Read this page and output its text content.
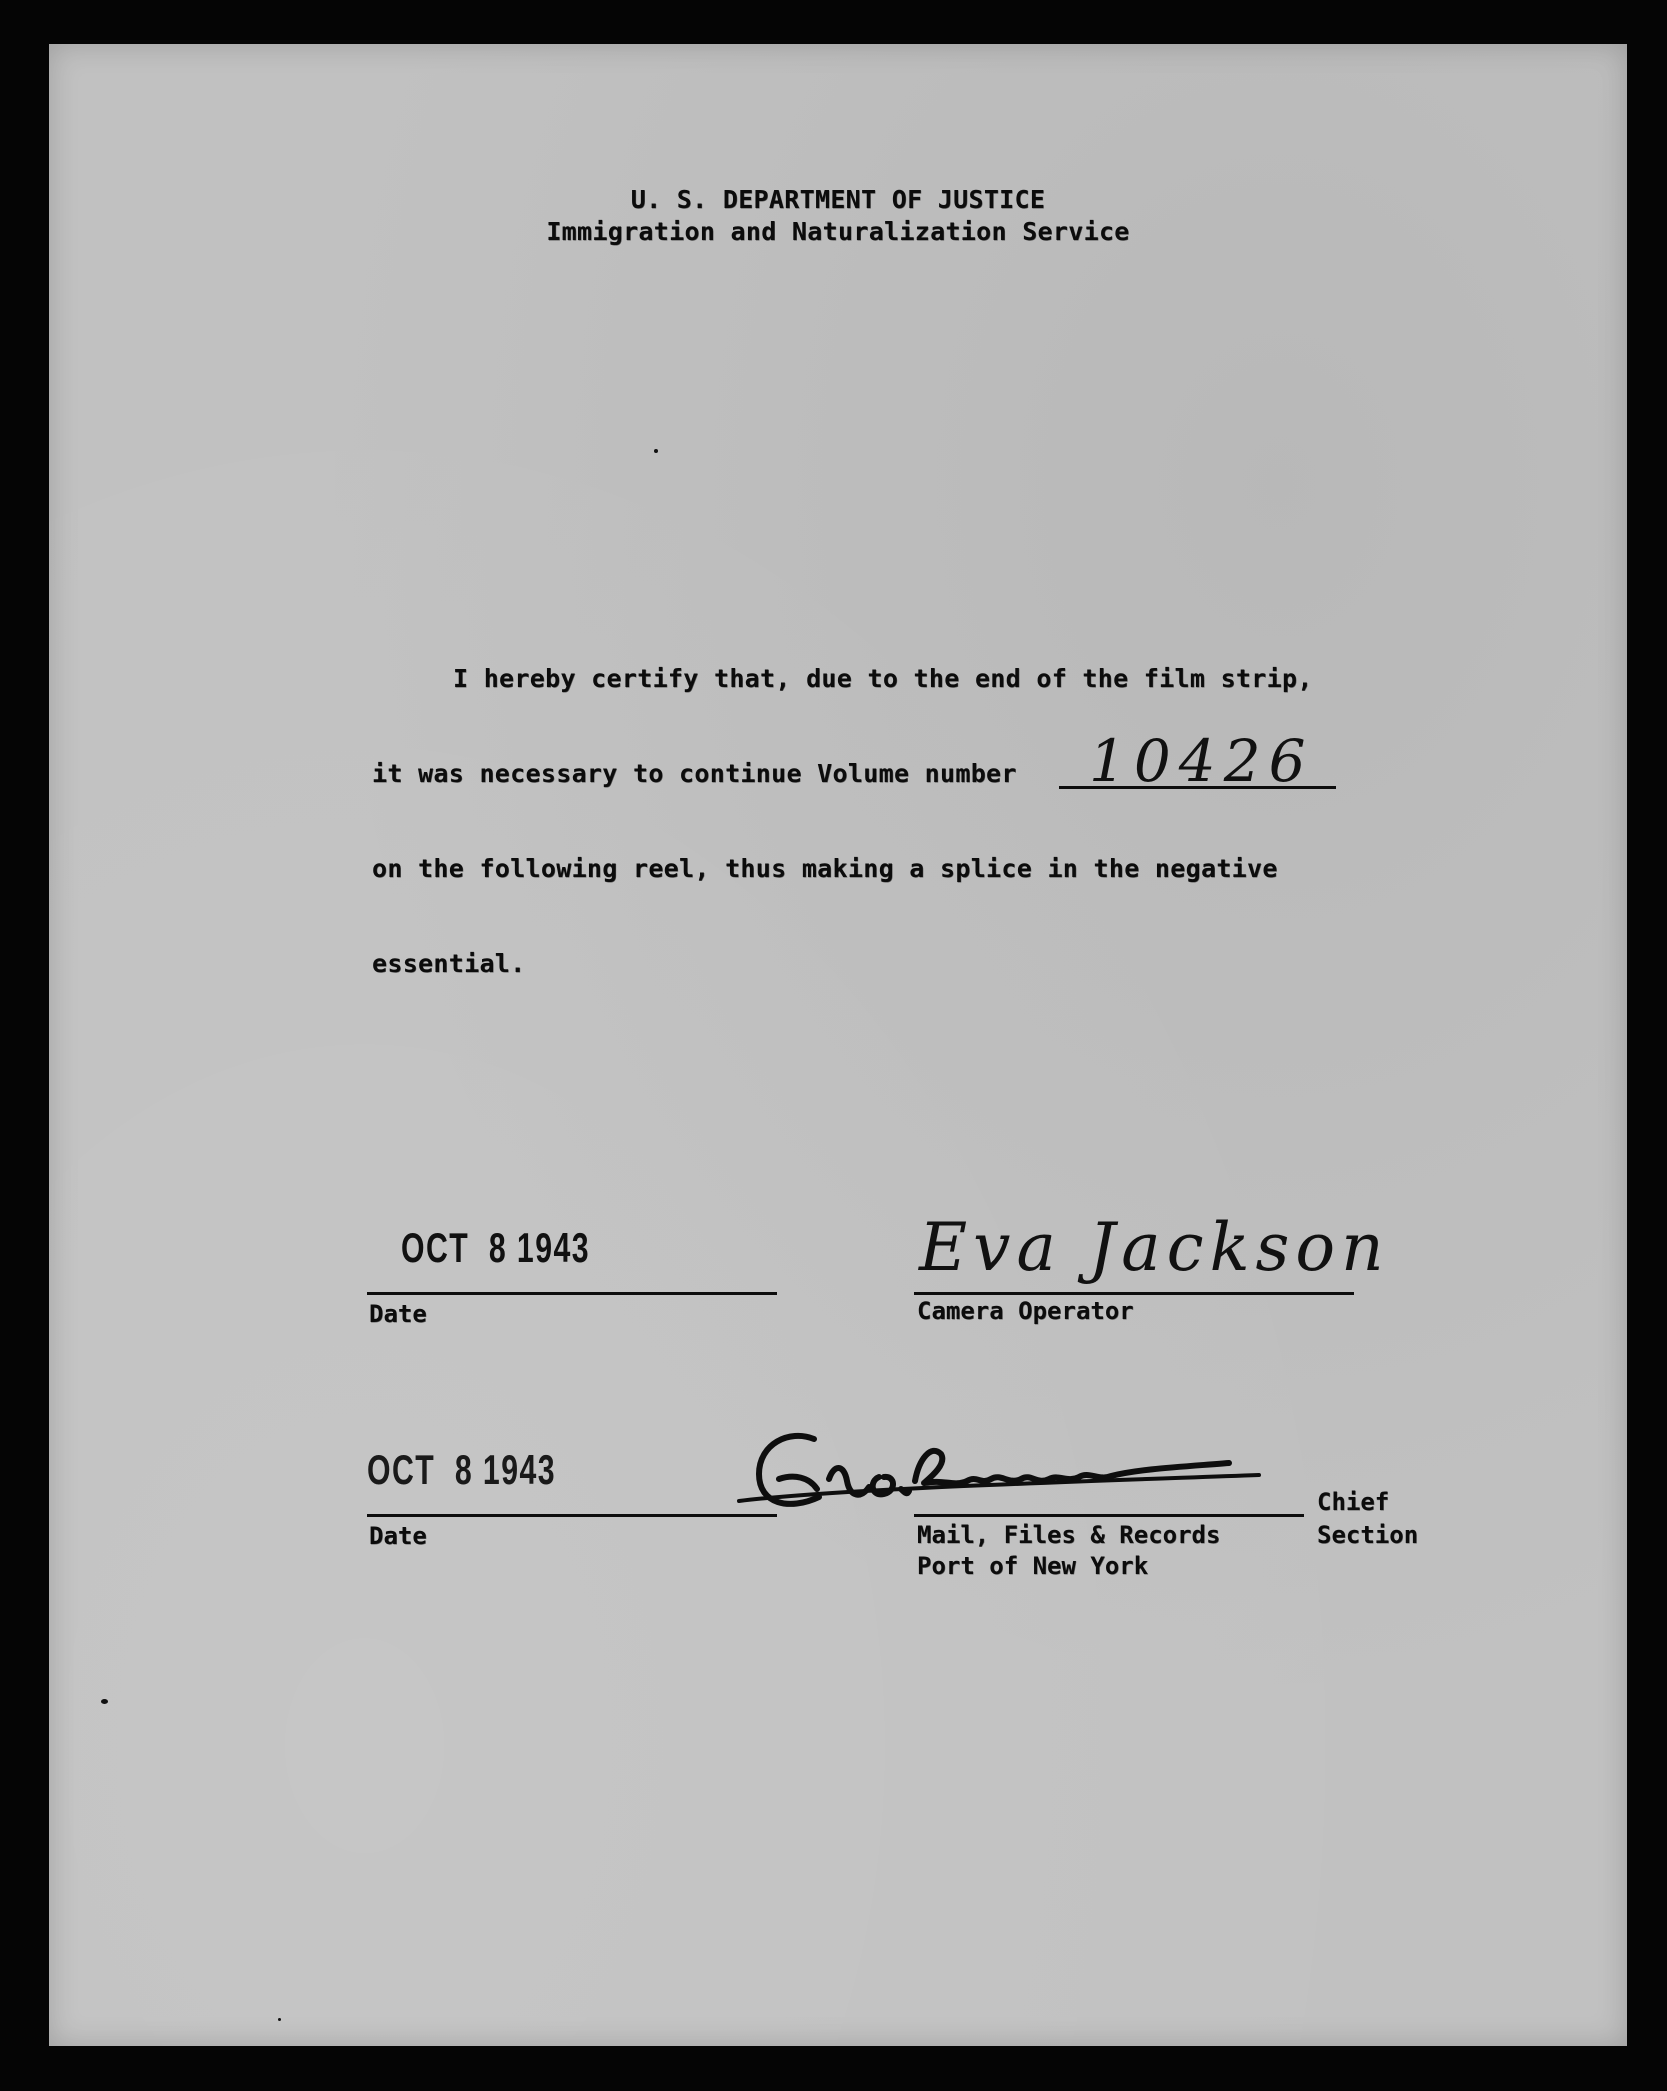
U. S. DEPARTMENT OF JUSTICE
Immigration and Naturalization Service
I hereby certify that, due to the end of the film strip,
it was necessary to continue Volume number 10426
on the following reel, thus making a splice in the negative
essential.
OCT  8 1943
Date
Eva Jackson
Camera Operator
OCT  8 1943
Date
Chief
Mail, Files & Records	Section
Port of New York
